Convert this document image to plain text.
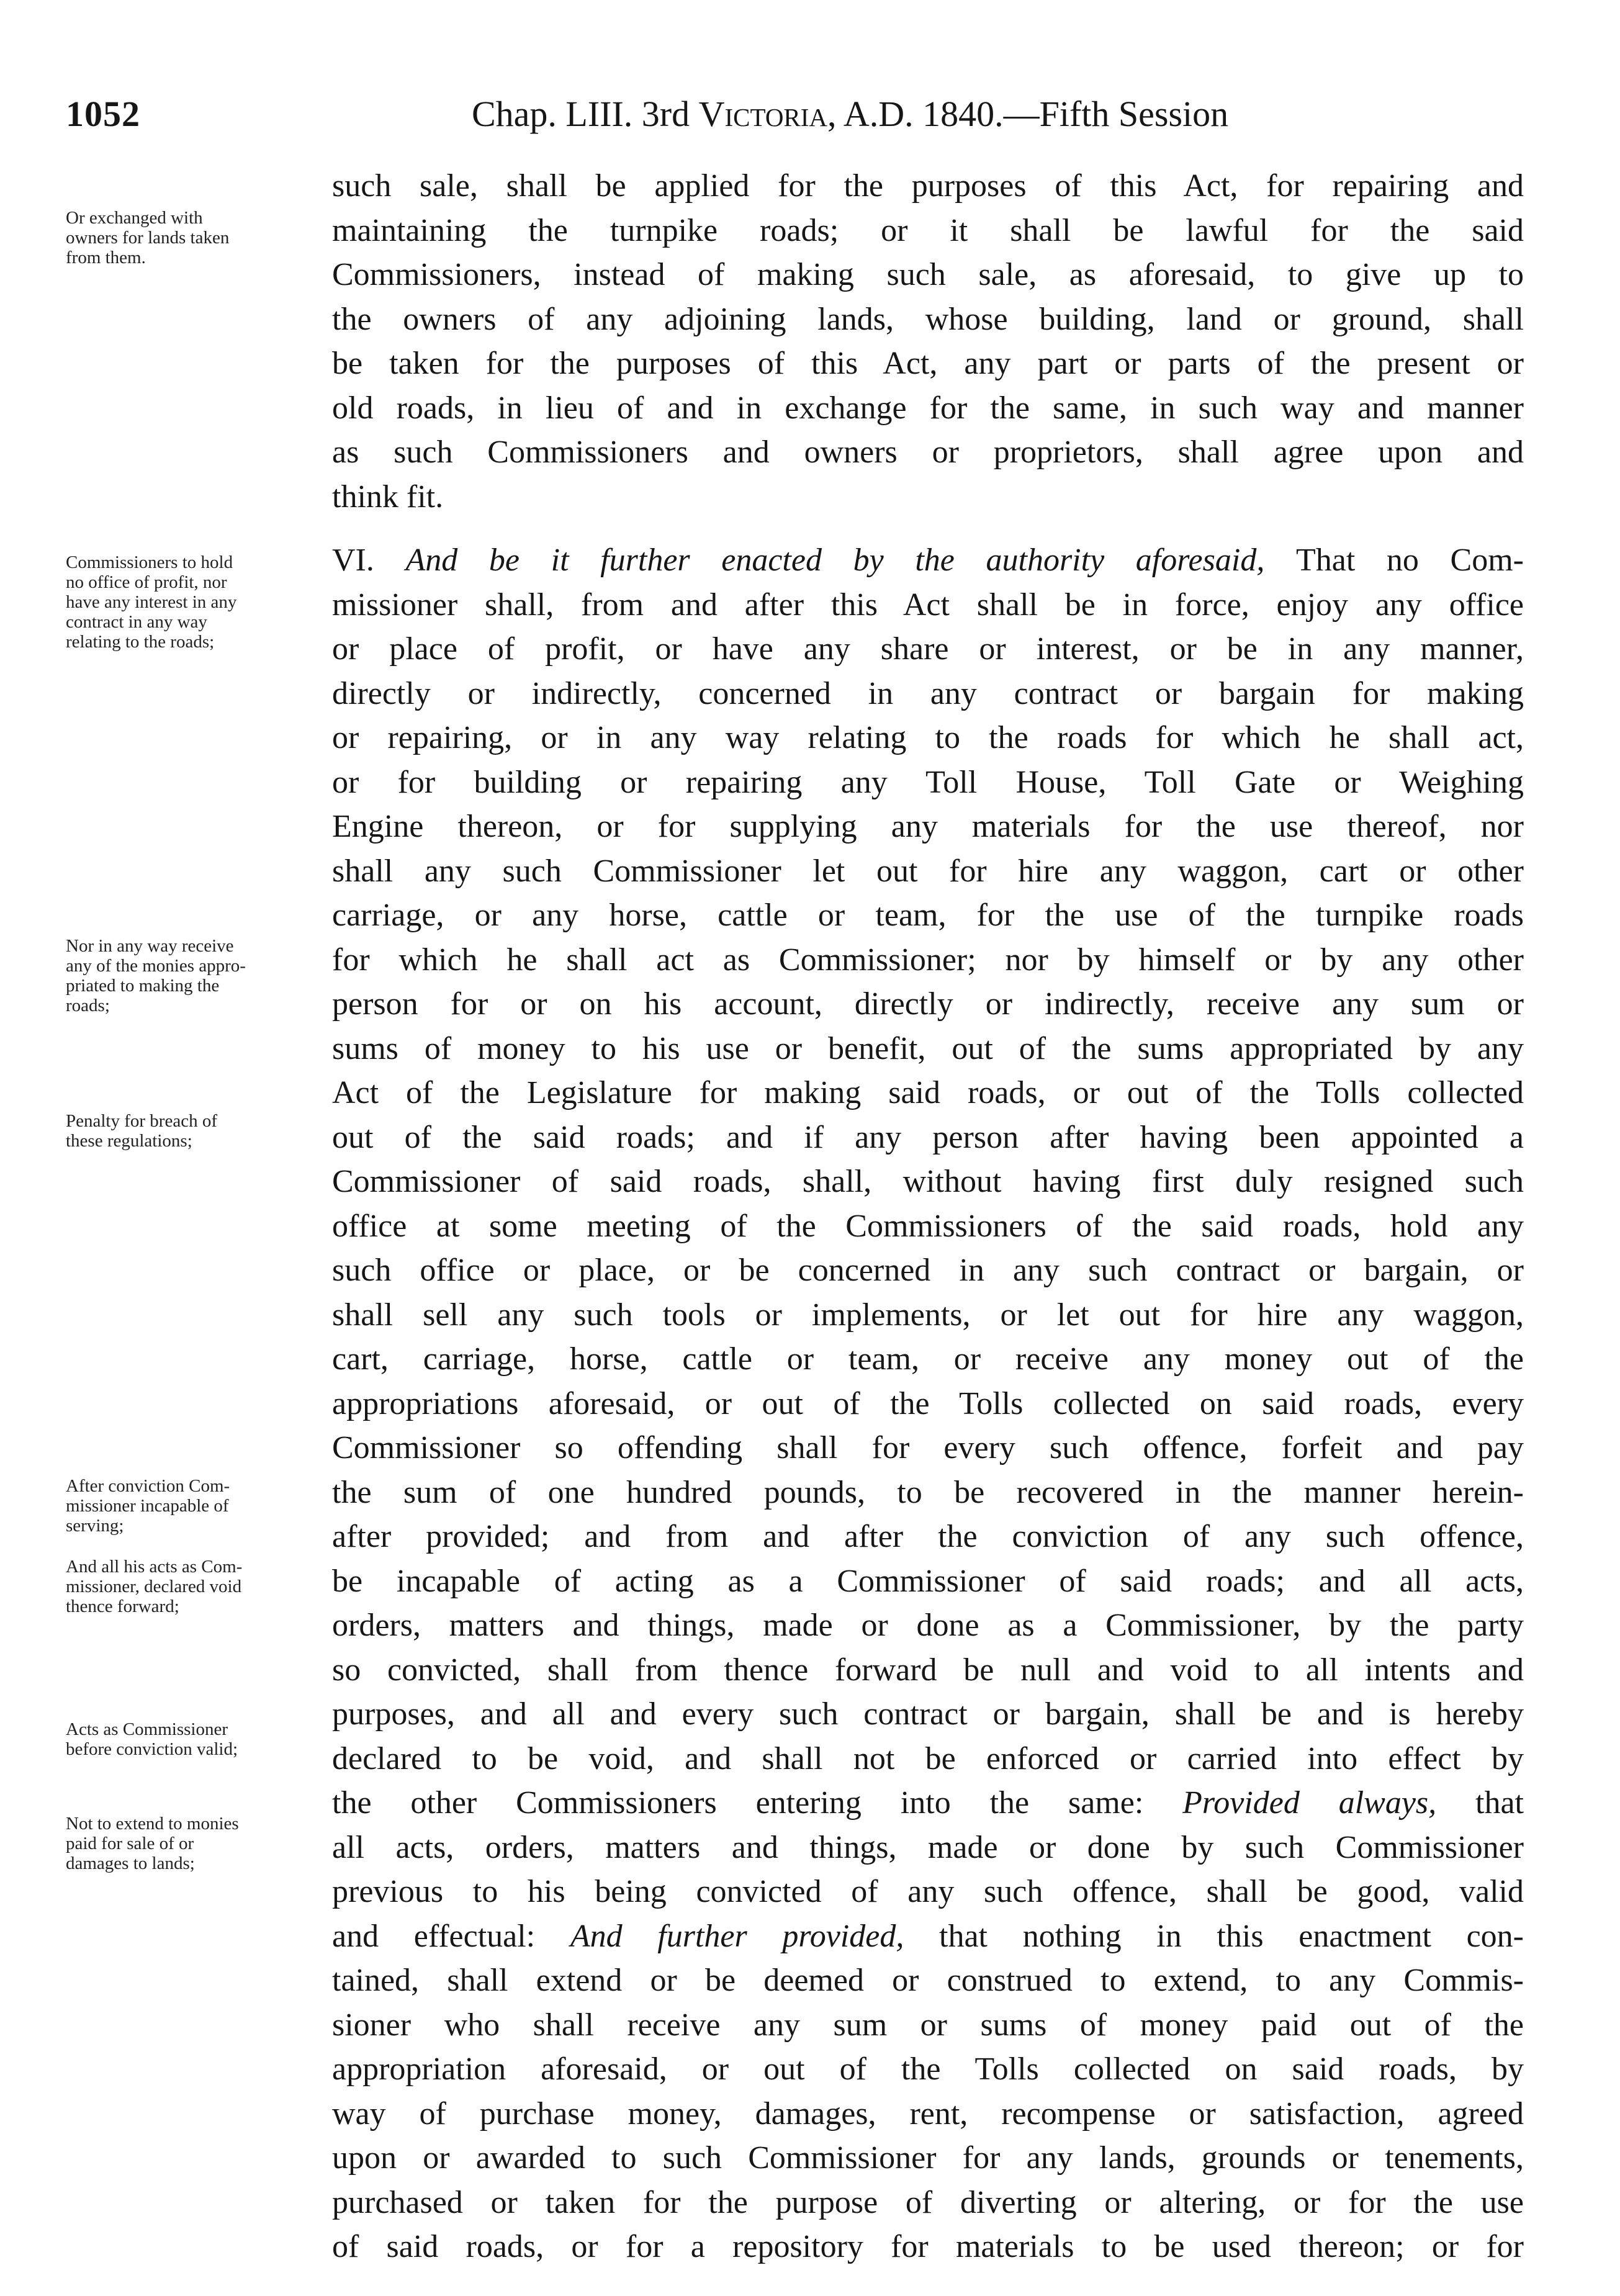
1052	Chap. LIII. 3rd Victoria, A.D. 1840.—Fifth Session
Or exchanged with
owners for lands taken
from them.
Commissioners to hold
no office of profit, nor
have any interest in any
contract in any way
relating to the roads;
Nor in any way receive
any of the monies appro-
priated to making the
roads;
Penalty for breach of
these regulations;
After conviction Com-
missioner incapable of
serving;
And all his acts as Com-
missioner, declared void
thence forward;
Acts as Commissioner
before conviction valid;
Not to extend to monies
paid for sale of or
damages to lands;
such sale, shall be applied for the purposes of this Act, for repairing and
maintaining the turnpike roads; or it shall be lawful for the said
Commissioners, instead of making such sale, as aforesaid, to give up to
the owners of any adjoining lands, whose building, land or ground, shall
be taken for the purposes of this Act, any part or parts of the present or
old roads, in lieu of and in exchange for the same, in such way and manner
as such Commissioners and owners or proprietors, shall agree upon and
think fit.
VI. And be it further enacted by the authority aforesaid, That no Com-
missioner shall, from and after this Act shall be in force, enjoy any office
or place of profit, or have any share or interest, or be in any manner,
directly or indirectly, concerned in any contract or bargain for making
or repairing, or in any way relating to the roads for which he shall act,
or for building or repairing any Toll House, Toll Gate or Weighing
Engine thereon, or for supplying any materials for the use thereof, nor
shall any such Commissioner let out for hire any waggon, cart or other
carriage, or any horse, cattle or team, for the use of the turnpike roads
for which he shall act as Commissioner; nor by himself or by any other
person for or on his account, directly or indirectly, receive any sum or
sums of money to his use or benefit, out of the sums appropriated by any
Act of the Legislature for making said roads, or out of the Tolls collected
out of the said roads; and if any person after having been appointed a
Commissioner of said roads, shall, without having first duly resigned such
office at some meeting of the Commissioners of the said roads, hold any
such office or place, or be concerned in any such contract or bargain, or
shall sell any such tools or implements, or let out for hire any waggon,
cart, carriage, horse, cattle or team, or receive any money out of the
appropriations aforesaid, or out of the Tolls collected on said roads, every
Commissioner so offending shall for every such offence, forfeit and pay
the sum of one hundred pounds, to be recovered in the manner herein-
after provided; and from and after the conviction of any such offence,
be incapable of acting as a Commissioner of said roads; and all acts,
orders, matters and things, made or done as a Commissioner, by the party
so convicted, shall from thence forward be null and void to all intents and
purposes, and all and every such contract or bargain, shall be and is hereby
declared to be void, and shall not be enforced or carried into effect by
the other Commissioners entering into the same: Provided always, that
all acts, orders, matters and things, made or done by such Commissioner
previous to his being convicted of any such offence, shall be good, valid
and effectual: And further provided, that nothing in this enactment con-
tained, shall extend or be deemed or construed to extend, to any Commis-
sioner who shall receive any sum or sums of money paid out of the
appropriation aforesaid, or out of the Tolls collected on said roads, by
way of purchase money, damages, rent, recompense or satisfaction, agreed
upon or awarded to such Commissioner for any lands, grounds or tenements,
purchased or taken for the purpose of diverting or altering, or for the use
of said roads, or for a repository for materials to be used thereon; or for
